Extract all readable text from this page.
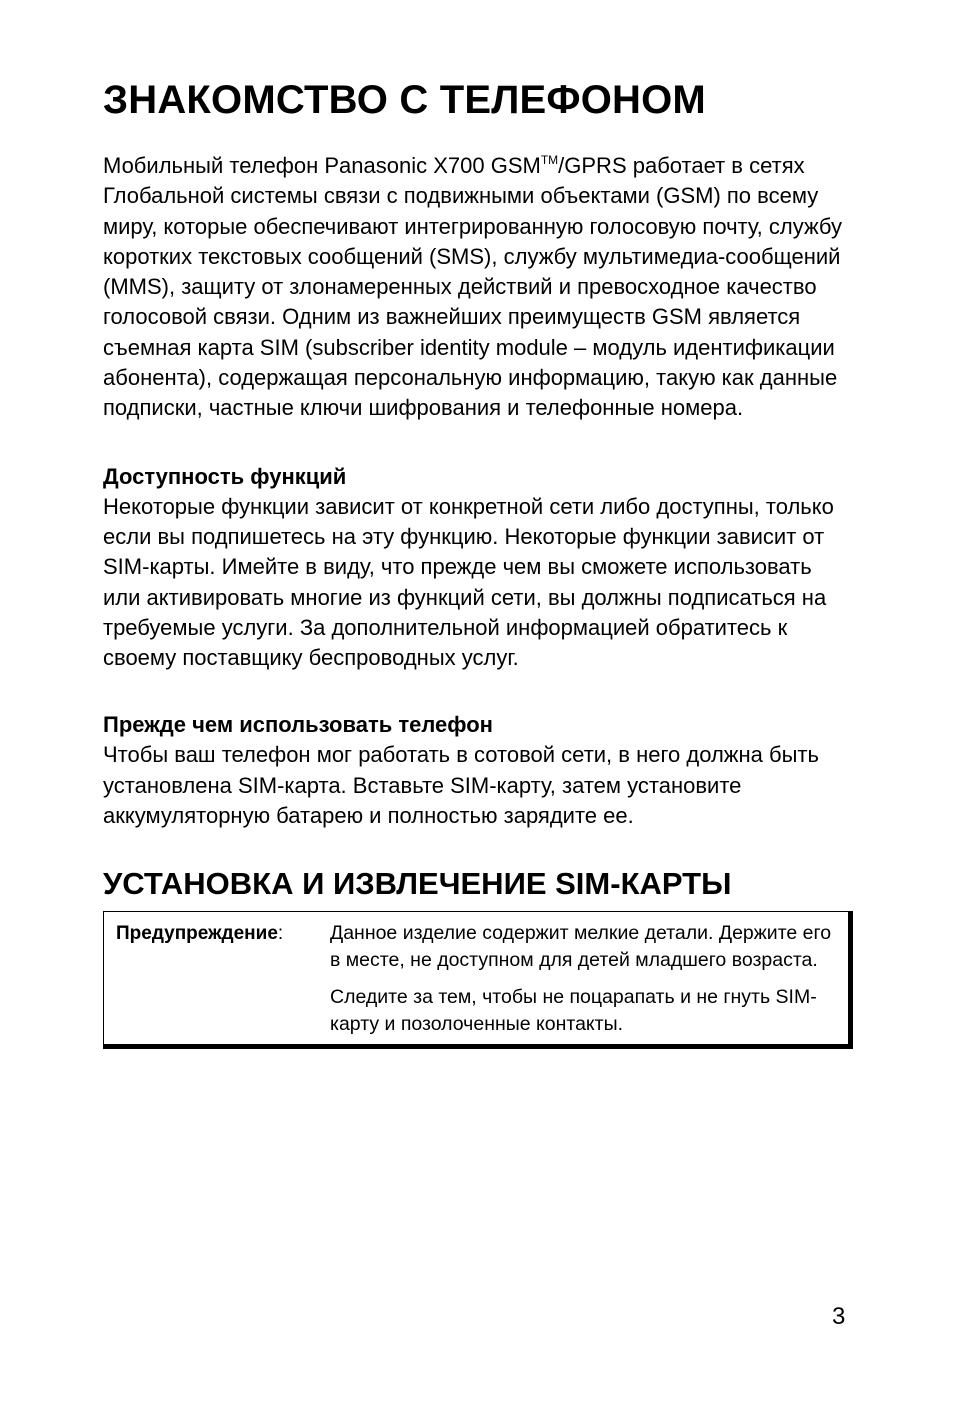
ЗНАКОМСТВО С ТЕЛЕФОНОМ

Мобильный телефон Panasonic X700 GSM™/GPRS работает в сетях Глобальной системы связи с подвижными объектами (GSM) по всему миру, которые обеспечивают интегрированную голосовую почту, службу коротких текстовых сообщений (SMS), службу мультимедиа-сообщений (MMS), защиту от злонамеренных действий и превосходное качество голосовой связи. Одним из важнейших преимуществ GSM является съемная карта SIM (subscriber identity module – модуль идентификации абонента), содержащая персональную информацию, такую как данные подписки, частные ключи шифрования и телефонные номера.

Доступность функций

Некоторые функции зависит от конкретной сети либо доступны, только если вы подпишетесь на эту функцию. Некоторые функции зависит от SIM-карты. Имейте в виду, что прежде чем вы сможете использовать или активировать многие из функций сети, вы должны подписаться на требуемые услуги. За дополнительной информацией обратитесь к своему поставщику беспроводных услуг.

Прежде чем использовать телефон

Чтобы ваш телефон мог работать в сотовой сети, в него должна быть установлена SIM-карта. Вставьте SIM-карту, затем установите аккумуляторную батарею и полностью зарядите ее.

УСТАНОВКА И ИЗВЛЕЧЕНИЕ SIM-КАРТЫ
Предупреждение:	Данное изделие содержит мелкие детали. Держите его в месте, не доступном для детей младшего возраста.

Следите за тем, чтобы не поцарапать и не гнуть SIM-карту и позолоченные контакты.

3
